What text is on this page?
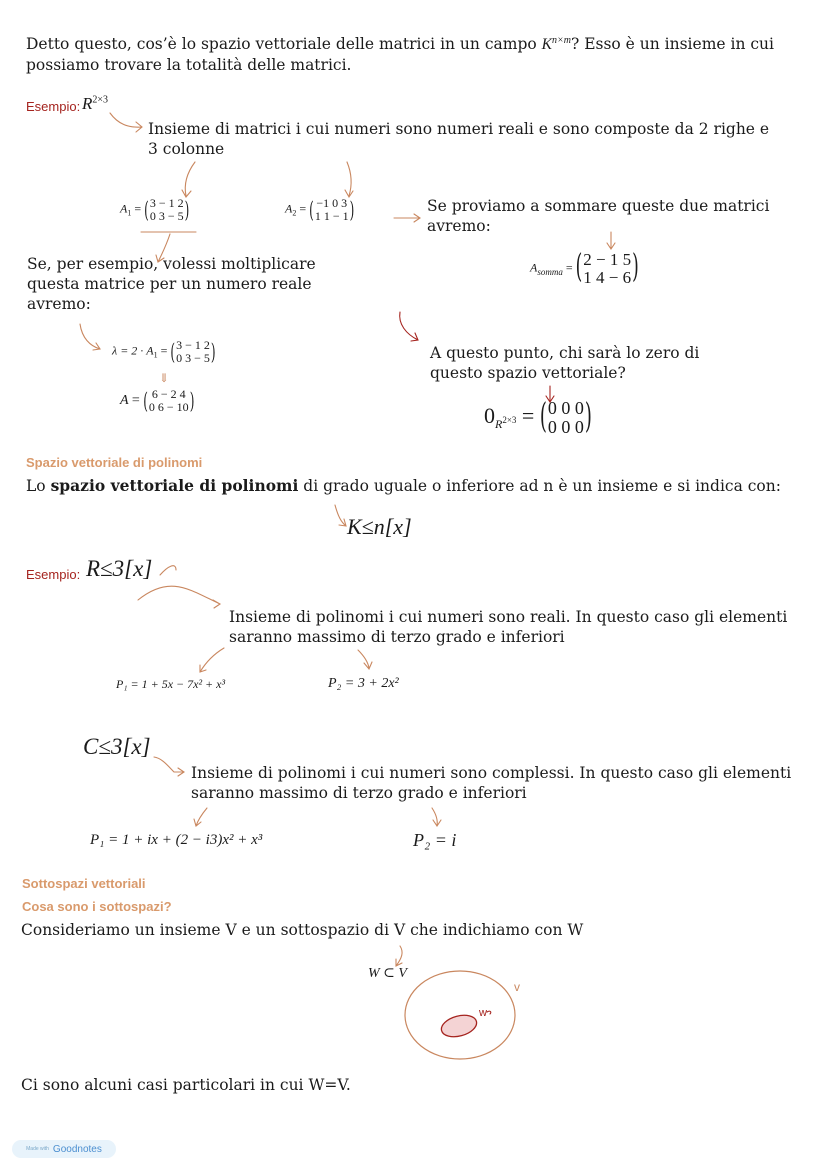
Detto questo, cos’è lo spazio vettoriale delle matrici in un campo $K^{n\times m}$? Esso è un insieme in cui possiamo trovare la totalità delle matrici.
Esempio: $R^{2\times 3}$
Insieme di matrici i cui numeri sono numeri reali e sono composte da 2 righe e 3 colonne
$A_1$ = ( 3 − 1 2
0 3 − 5 )	$A_2$ = ( −1 0 3
1 1 − 1 )	Se proviamo a sommare queste due matrici avremo:
$A_{somma}$ = ( 2 − 1 5
1 4 − 6 )
Se, per esempio, volessi moltiplicare questa matrice per un numero reale avremo:
$\lambda = 2 \cdot A_1$ = ( 3 − 1 2
0 3 − 5 )
⇓
A = ( 6 − 2 4
0 6 − 10 )
A questo punto, chi sarà lo zero di questo spazio vettoriale?
$0_{R^{2\times 3}}$ = ( 0 0 0
0 0 0 )
Spazio vettoriale di polinomi
Lo spazio vettoriale di polinomi di grado uguale o inferiore ad n è un insieme e si indica con:
K≤n[x]
Esempio: R≤3[x]
Insieme di polinomi i cui numeri sono reali. In questo caso gli elementi saranno massimo di terzo grado e inferiori
P₁ = 1 + 5x − 7x² + x³	P₂ = 3 + 2x²
C≤3[x]
Insieme di polinomi i cui numeri sono complessi. In questo caso gli elementi saranno massimo di terzo grado e inferiori
P₁ = 1 + ix + (2 − i3)x² + x³	P₂ = i
Sottospazi vettoriali
Cosa sono i sottospazi?
Consideriamo un insieme V e un sottospazio di V che indichiamo con W
W ⊂ V
v
w
Ci sono alcuni casi particolari in cui W=V.
Made with Goodnotes
